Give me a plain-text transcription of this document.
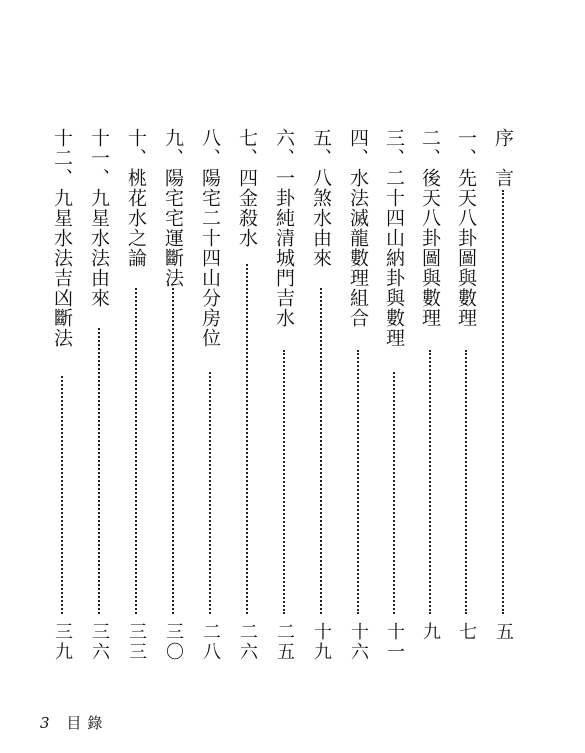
序　言
五
一、先天八卦圖與數理
七
二、後天八卦圖與數理
九
三、二十四山納卦與數理
十一
四、水法滅龍數理組合
十六
五、八煞水由來
十九
六、一卦純清城門吉水
二五
七、四金殺水
二六
八、陽宅二十四山分房位
二八
九、陽宅宅運斷法
三〇
十、桃花水之論
三三
十一、九星水法由來
三六
十二、九星水法吉凶斷法
三九
3 目錄
